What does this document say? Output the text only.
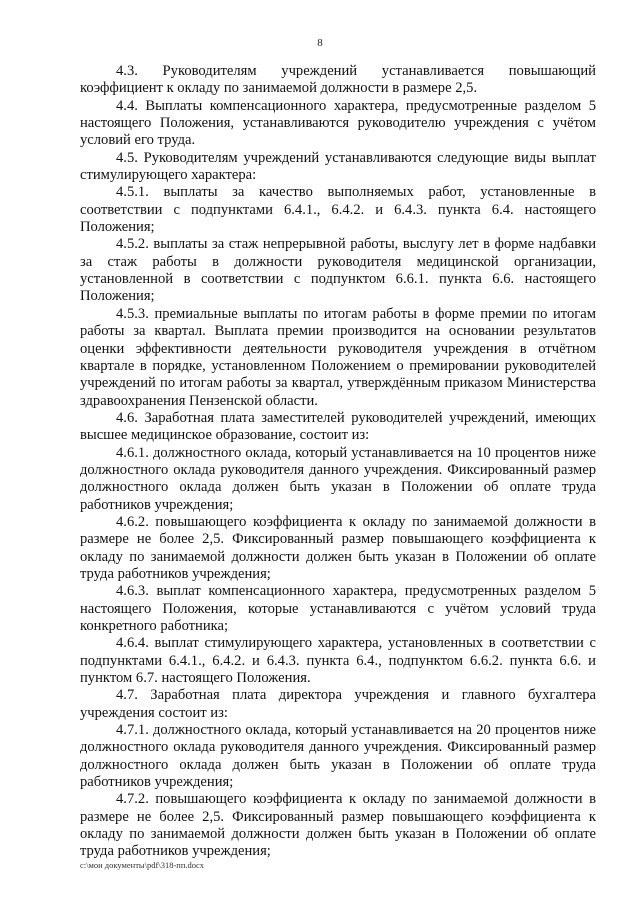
8

4.3. Руководителям учреждений устанавливается повышающий коэффициент к окладу по занимаемой должности в размере 2,5.

4.4. Выплаты компенсационного характера, предусмотренные разделом 5 настоящего Положения, устанавливаются руководителю учреждения с учётом условий его труда.

4.5. Руководителям учреждений устанавливаются следующие виды выплат стимулирующего характера:

4.5.1. выплаты за качество выполняемых работ, установленные в соответствии с подпунктами 6.4.1., 6.4.2. и 6.4.3. пункта 6.4. настоящего Положения;

4.5.2. выплаты за стаж непрерывной работы, выслугу лет в форме надбавки за стаж работы в должности руководителя медицинской организации, установленной в соответствии с подпунктом 6.6.1. пункта 6.6. настоящего Положения;

4.5.3. премиальные выплаты по итогам работы в форме премии по итогам работы за квартал. Выплата премии производится на основании результатов оценки эффективности деятельности руководителя учреждения в отчётном квартале в порядке, установленном Положением о премировании руководителей учреждений по итогам работы за квартал, утверждённым приказом Министерства здравоохранения Пензенской области.

4.6. Заработная плата заместителей руководителей учреждений, имеющих высшее медицинское образование, состоит из:

4.6.1. должностного оклада, который устанавливается на 10 процентов ниже должностного оклада руководителя данного учреждения. Фиксированный размер должностного оклада должен быть указан в Положении об оплате труда работников учреждения;

4.6.2. повышающего коэффициента к окладу по занимаемой должности в размере не более 2,5. Фиксированный размер повышающего коэффициента к окладу по занимаемой должности должен быть указан в Положении об оплате труда работников учреждения;

4.6.3. выплат компенсационного характера, предусмотренных разделом 5 настоящего Положения, которые устанавливаются с учётом условий труда конкретного работника;

4.6.4. выплат стимулирующего характера, установленных в соответствии с подпунктами 6.4.1., 6.4.2. и 6.4.3. пункта 6.4., подпунктом 6.6.2. пункта 6.6. и пунктом 6.7. настоящего Положения.

4.7. Заработная плата директора учреждения и главного бухгалтера учреждения состоит из:

4.7.1. должностного оклада, который устанавливается на 20 процентов ниже должностного оклада руководителя данного учреждения. Фиксированный размер должностного оклада должен быть указан в Положении об оплате труда работников учреждения;

4.7.2. повышающего коэффициента к окладу по занимаемой должности в размере не более 2,5. Фиксированный размер повышающего коэффициента к окладу по занимаемой должности должен быть указан в Положении об оплате труда работников учреждения;

c:\мои документы\pdf\318-пп.docx
